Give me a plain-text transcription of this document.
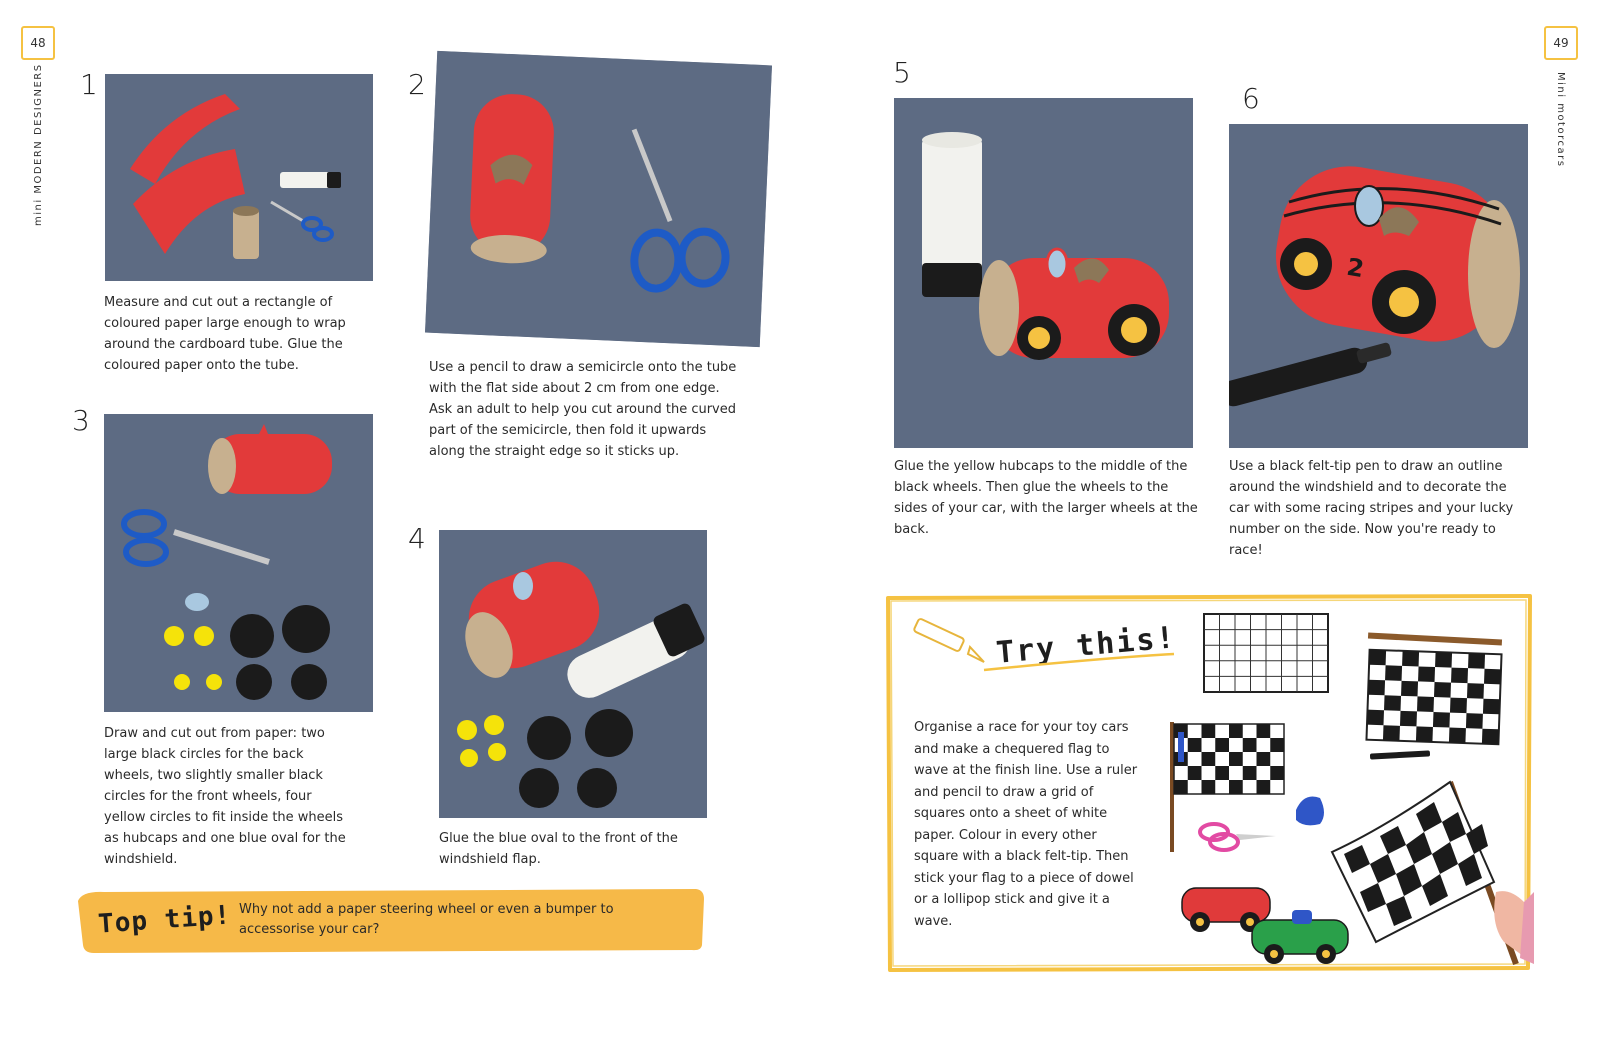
48	49
mini MODERN DESIGNERS	Mini motorcars
1
Measure and cut out a rectangle of coloured paper large enough to wrap around the cardboard tube. Glue the coloured paper onto the tube.
2
Use a pencil to draw a semicircle onto the tube with the flat side about 2 cm from one edge. Ask an adult to help you cut around the curved part of the semicircle, then fold it upwards along the straight edge so it sticks up.
3
Draw and cut out from paper: two large black circles for the back wheels, two slightly smaller black circles for the front wheels, four yellow circles to fit inside the wheels as hubcaps and one blue oval for the windshield.
4
Glue the blue oval to the front of the windshield flap.
5
Glue the yellow hubcaps to the middle of the black wheels. Then glue the wheels to the sides of your car, with the larger wheels at the back.
6
2
Use a black felt-tip pen to draw an outline around the windshield and to decorate the car with some racing stripes and your lucky number on the side. Now you're ready to race!
Top tip! Why not add a paper steering wheel or even a bumper to accessorise your car?
Try this!
Organise a race for your toy cars and make a chequered flag to wave at the finish line. Use a ruler and pencil to draw a grid of squares onto a sheet of white paper. Colour in every other square with a black felt-tip. Then stick your flag to a piece of dowel or a lollipop stick and give it a wave.
